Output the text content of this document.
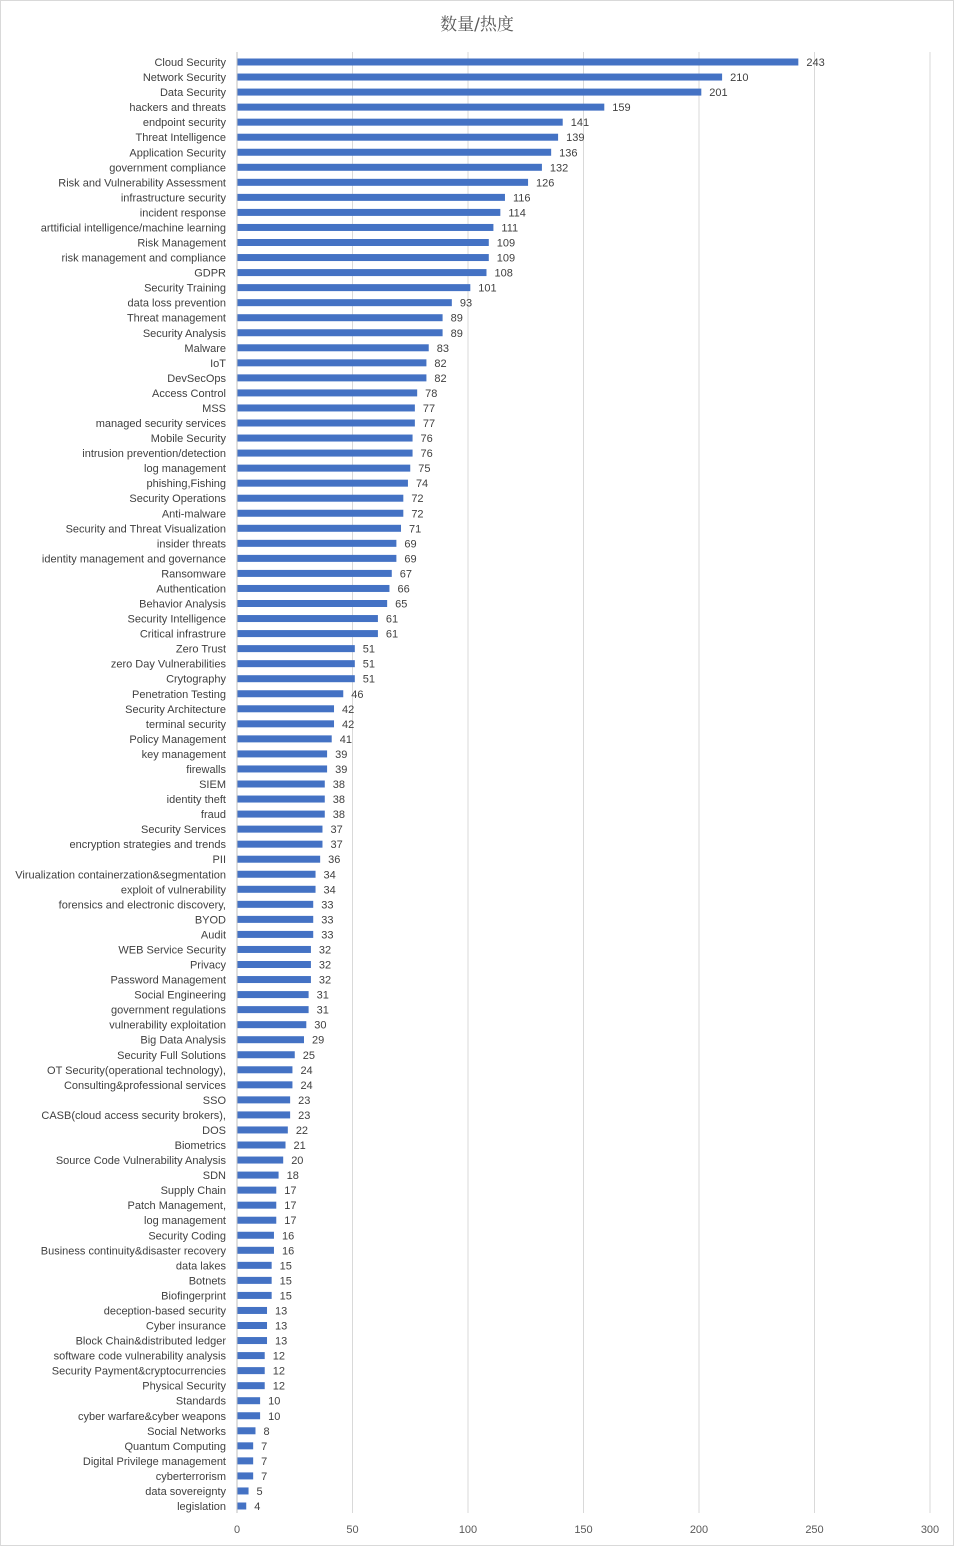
数量/热度
0	50	100	150	200	250	300
Cloud Security	243
Network Security	210
Data Security	201
hackers and threats	159
endpoint security	141
Threat Intelligence	139
Application Security	136
government compliance	132
Risk and Vulnerability Assessment	126
infrastructure security	116
incident response	114
arttificial intelligence/machine learning	111
Risk Management	109
risk management and compliance	109
GDPR	108
Security Training	101
data loss prevention	93
Threat management	89
Security Analysis	89
Malware	83
IoT	82
DevSecOps	82
Access Control	78
MSS	77
managed security services	77
Mobile Security	76
intrusion prevention/detection	76
log management	75
phishing,Fishing	74
Security Operations	72
Anti-malware	72
Security and Threat Visualization	71
insider threats	69
identity management and governance	69
Ransomware	67
Authentication	66
Behavior Analysis	65
Security Intelligence	61
Critical infrastrure	61
Zero Trust	51
zero Day Vulnerabilities	51
Crytography	51
Penetration Testing	46
Security Architecture	42
terminal security	42
Policy Management	41
key management	39
firewalls	39
SIEM	38
identity theft	38
fraud	38
Security Services	37
encryption strategies and trends	37
PII	36
Virualization containerzation&segmentation	34
exploit of vulnerability	34
forensics and electronic discovery,	33
BYOD	33
Audit	33
WEB Service Security	32
Privacy	32
Password Management	32
Social Engineering	31
government regulations	31
vulnerability exploitation	30
Big Data Analysis	29
Security Full Solutions	25
OT Security(operational technology),	24
Consulting&professional services	24
SSO	23
CASB(cloud access security brokers),	23
DOS	22
Biometrics	21
Source Code Vulnerability Analysis	20
SDN	18
Supply Chain	17
Patch Management,	17
log management	17
Security Coding	16
Business continuity&disaster recovery	16
data lakes	15
Botnets	15
Biofingerprint	15
deception-based security	13
Cyber insurance	13
Block Chain&distributed ledger	13
software code vulnerability analysis	12
Security Payment&cryptocurrencies	12
Physical Security	12
Standards	10
cyber warfare&cyber weapons	10
Social Networks	8
Quantum Computing	7
Digital Privilege management	7
cyberterrorism	7
data sovereignty	5
legislation	4
